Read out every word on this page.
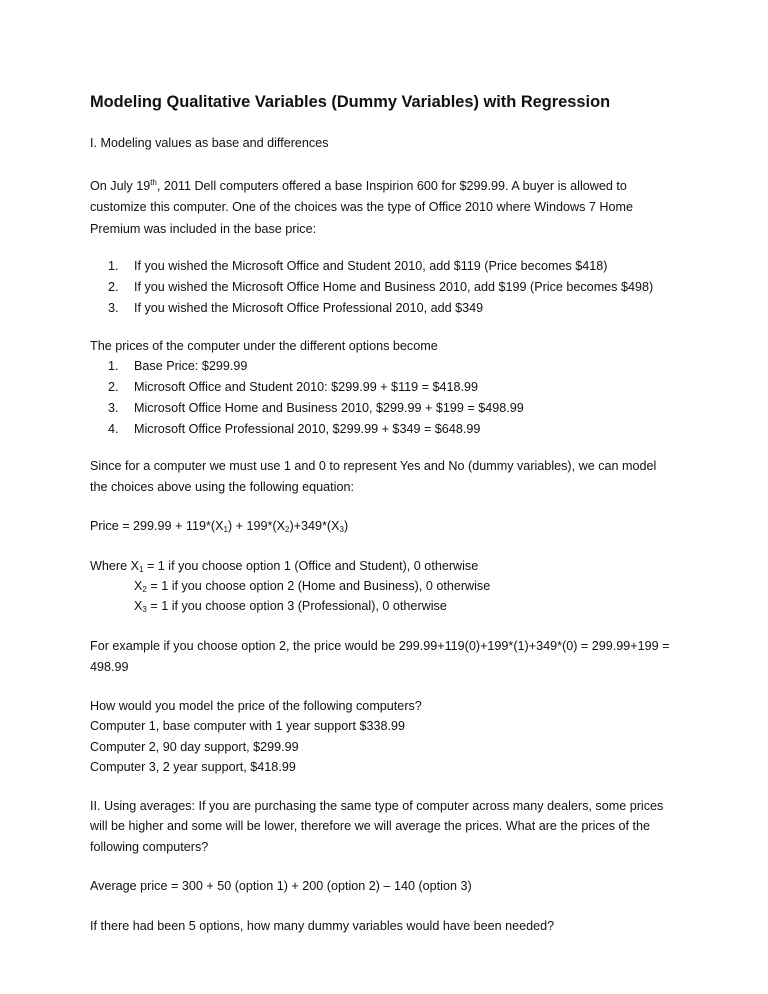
Modeling Qualitative Variables (Dummy Variables) with Regression
I. Modeling values as base and differences
On July 19th, 2011 Dell computers offered a base Inspirion 600 for $299.99. A buyer is allowed to
customize this computer. One of the choices was the type of Office 2010 where Windows 7 Home
Premium was included in the base price:
1. If you wished the Microsoft Office and Student 2010, add $119 (Price becomes $418)
2. If you wished the Microsoft Office Home and Business 2010, add $199 (Price becomes $498)
3. If you wished the Microsoft Office Professional 2010, add $349
The prices of the computer under the different options become
1. Base Price: $299.99
2. Microsoft Office and Student 2010: $299.99 + $119 = $418.99
3. Microsoft Office Home and Business 2010, $299.99 + $199 = $498.99
4. Microsoft Office Professional 2010, $299.99 + $349 = $648.99
Since for a computer we must use 1 and 0 to represent Yes and No (dummy variables), we can model
the choices above using the following equation:
Price = $299.99 + 119*(X_1) + 199*(X_2)+349*(X_3)$
Where $X_1 = 1$ if you choose option 1 (Office and Student), 0 otherwise
$X_2 = 1$ if you choose option 2 (Home and Business), 0 otherwise
$X_3 = 1$ if you choose option 3 (Professional), 0 otherwise
For example if you choose option 2, the price would be 299.99+119(0)+199*(1)+349*(0) = 299.99+199 =
498.99
How would you model the price of the following computers?
Computer 1, base computer with 1 year support $338.99
Computer 2, 90 day support, $299.99
Computer 3, 2 year support, $418.99
II. Using averages: If you are purchasing the same type of computer across many dealers, some prices
will be higher and some will be lower, therefore we will average the prices. What are the prices of the
following computers?
Average price = 300 + 50 (option 1) + 200 (option 2) – 140 (option 3)
If there had been 5 options, how many dummy variables would have been needed?
